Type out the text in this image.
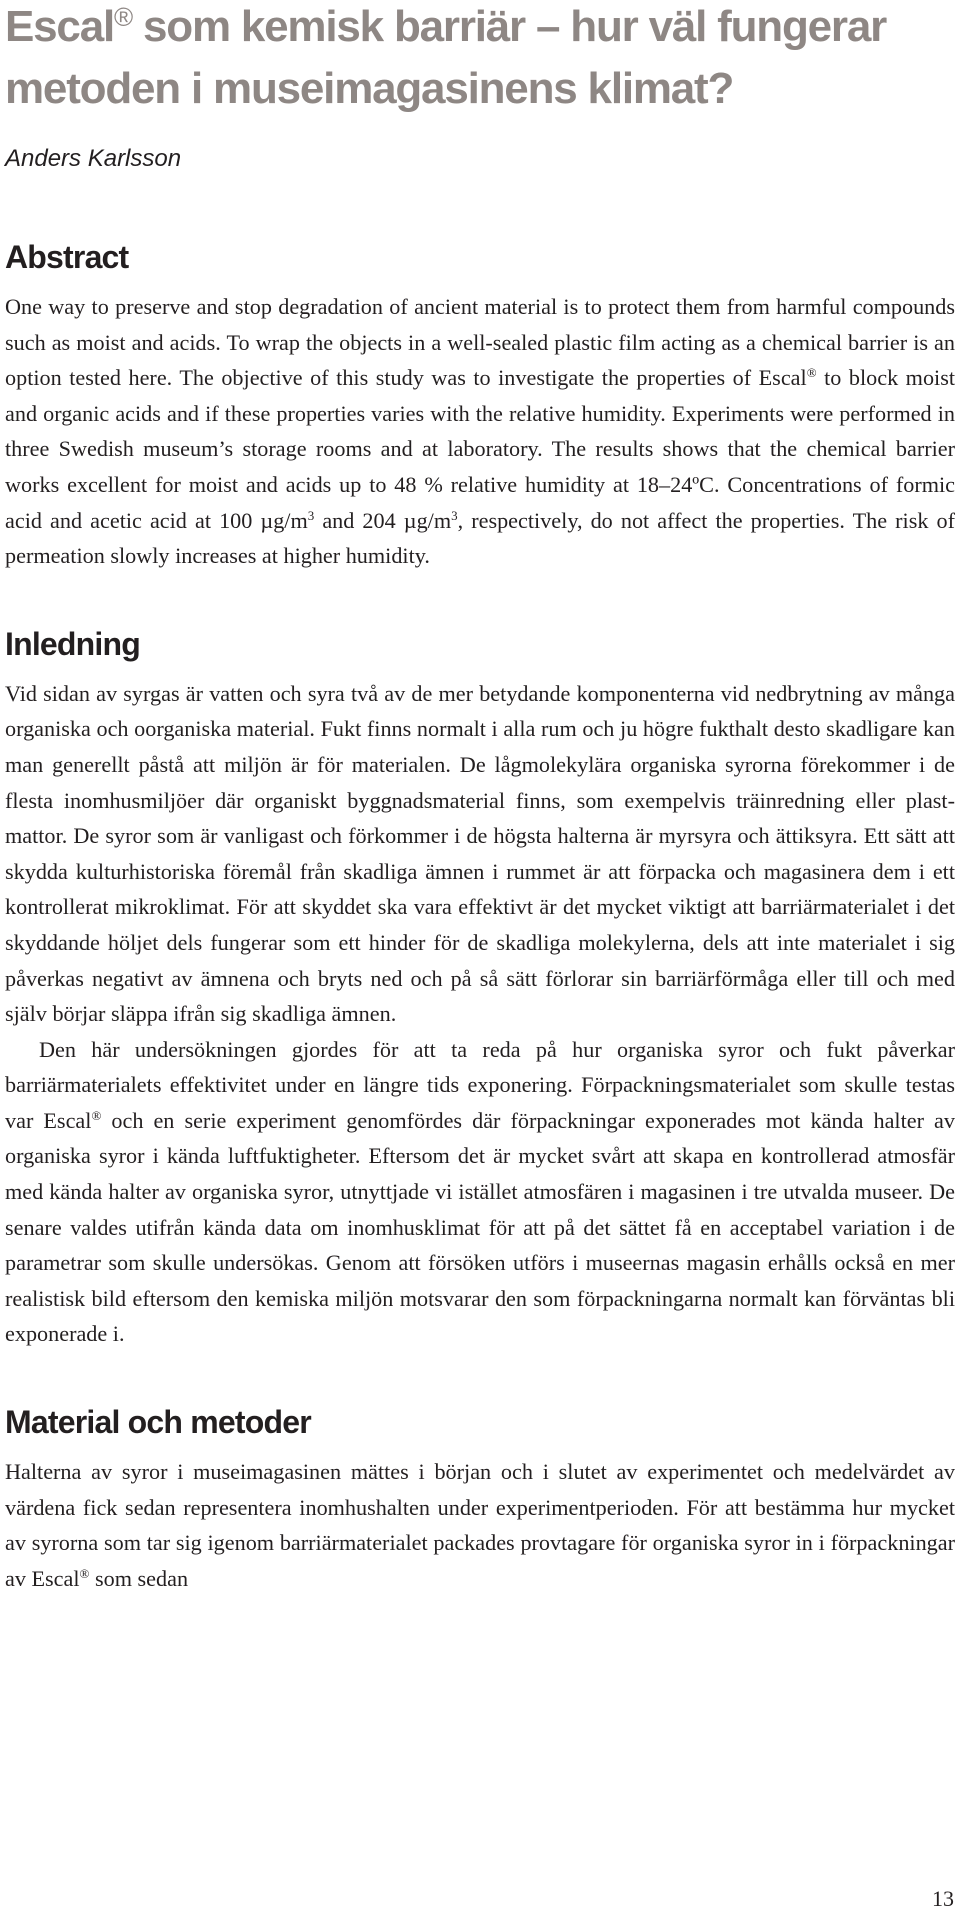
Escal® som kemisk barriär – hur väl fungerar metoden i museimagasinens klimat?
Anders Karlsson
Abstract

One way to preserve and stop degradation of ancient material is to protect them from harmful compounds such as moist and acids. To wrap the objects in a well-sealed plastic film acting as a chemical barrier is an option tested here. The objective of this study was to investigate the properties of Escal® to block moist and organic acids and if these properties varies with the relative humidity. Experiments were performed in three Swedish museum’s storage rooms and at laboratory. The results shows that the chemical barrier works excellent for moist and acids up to 48 % relative humidity at 18–24ºC. Concentrations of formic acid and acetic acid at 100 $\mu g/m^3$ and 204 $\mu g/m^3$, respectively, do not affect the properties. The risk of permeation slowly increases at higher humidity.

Inledning

Vid sidan av syrgas är vatten och syra två av de mer betydande komponenterna vid nedbrytning av många organiska och oorganiska material. Fukt finns normalt i alla rum och ju högre fukthalt desto skadligare kan man generellt påstå att miljön är för materialen. De lågmolekylära organiska syrorna förekommer i de flesta inomhusmiljöer där organiskt byggnadsmaterial finns, som exempelvis träinredning eller plastmattor. De syror som är vanligast och förkommer i de högsta halterna är myrsyra och ättiksyra. Ett sätt att skydda kulturhistoriska föremål från skadliga ämnen i rummet är att förpacka och magasinera dem i ett kontrollerat mikroklimat. För att skyddet ska vara effektivt är det mycket viktigt att barriärmaterialet i det skyddande höljet dels fungerar som ett hinder för de skadliga molekylerna, dels att inte materialet i sig påverkas negativt av ämnena och bryts ned och på så sätt förlorar sin barriärförmåga eller till och med själv börjar släppa ifrån sig skadliga ämnen.

Den här undersökningen gjordes för att ta reda på hur organiska syror och fukt påverkar barriärmaterialets effektivitet under en längre tids exponering. Förpackningsmaterialet som skulle testas var Escal® och en serie experiment genomfördes där förpackningar exponerades mot kända halter av organiska syror i kända luftfuktigheter. Eftersom det är mycket svårt att skapa en kontrollerad atmosfär med kända halter av organiska syror, utnyttjade vi istället atmosfären i magasinen i tre utvalda museer. De senare valdes utifrån kända data om inomhusklimat för att på det sättet få en acceptabel variation i de parametrar som skulle undersökas. Genom att försöken utförs i museernas magasin erhålls också en mer realistisk bild eftersom den kemiska miljön motsvarar den som förpackningarna normalt kan förväntas bli exponerade i.

Material och metoder

Halterna av syror i museimagasinen mättes i början och i slutet av experimentet och medelvärdet av värdena fick sedan representera inomhushalten under experimentperioden. För att bestämma hur mycket av syrorna som tar sig igenom barriärmaterialet packades provtagare för organiska syror in i förpackningar av Escal® som sedan

13
